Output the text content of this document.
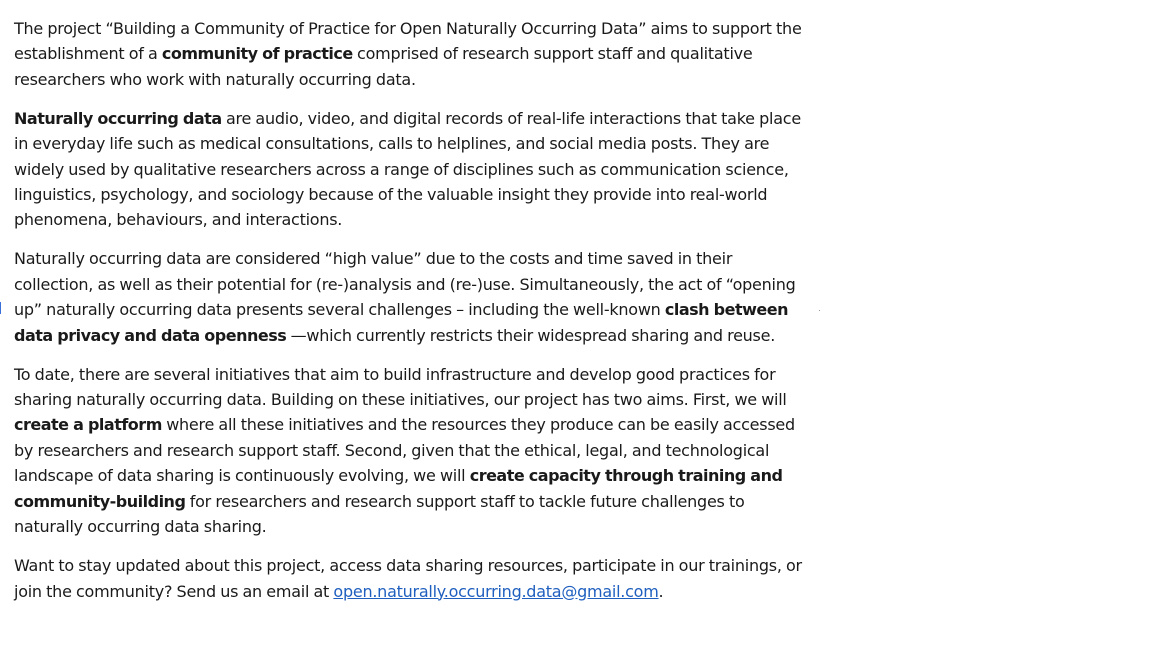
The project “Building a Community of Practice for Open Naturally Occurring Data” aims to support the establishment of a community of practice comprised of research support staff and qualitative researchers who work with naturally occurring data.

Naturally occurring data are audio, video, and digital records of real-life interactions that take place in everyday life such as medical consultations, calls to helplines, and social media posts. They are widely used by qualitative researchers across a range of disciplines such as communication science, linguistics, psychology, and sociology because of the valuable insight they provide into real-world phenomena, behaviours, and interactions.

Naturally occurring data are considered “high value” due to the costs and time saved in their collection, as well as their potential for (re-)analysis and (re-)use. Simultaneously, the act of “opening up” naturally occurring data presents several challenges – including the well-known clash between data privacy and data openness —which currently restricts their widespread sharing and reuse.

To date, there are several initiatives that aim to build infrastructure and develop good practices for sharing naturally occurring data. Building on these initiatives, our project has two aims. First, we will create a platform where all these initiatives and the resources they produce can be easily accessed by researchers and research support staff. Second, given that the ethical, legal, and technological landscape of data sharing is continuously evolving, we will create capacity through training and community-building for researchers and research support staff to tackle future challenges to naturally occurring data sharing.

Want to stay updated about this project, access data sharing resources, participate in our trainings, or join the community? Send us an email at open.naturally.occurring.data@gmail.com.
